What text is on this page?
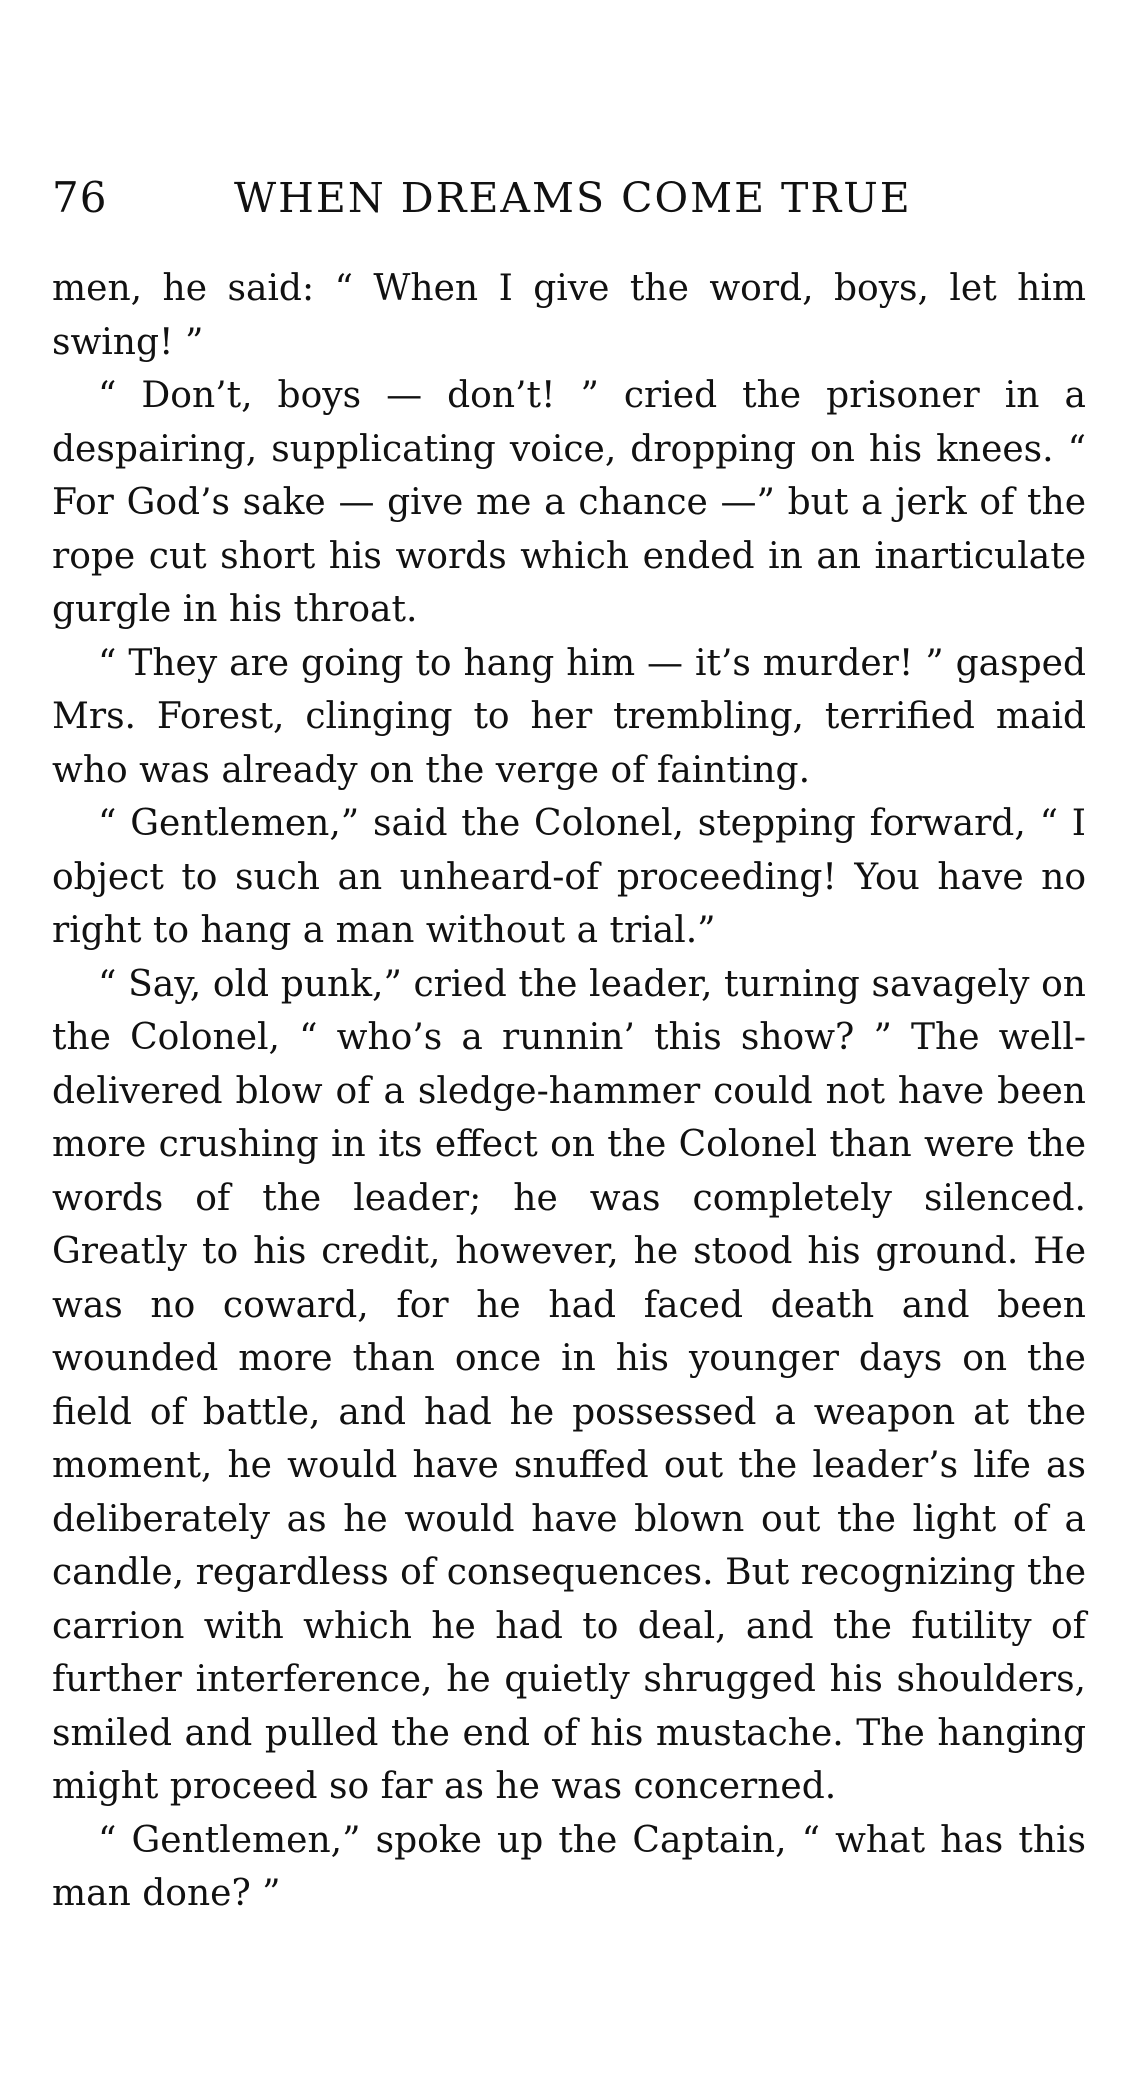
76	WHEN DREAMS COME TRUE

men, he said: “ When I give the word, boys, let him swing! ”

“ Don’t, boys — don’t! ” cried the prisoner in a despairing, supplicating voice, dropping on his knees. “ For God’s sake — give me a chance —” but a jerk of the rope cut short his words which ended in an inarticulate gurgle in his throat.

“ They are going to hang him — it’s murder! ” gasped Mrs. Forest, clinging to her trembling, terrified maid who was already on the verge of fainting.

“ Gentlemen,” said the Colonel, stepping forward, “ I object to such an unheard-of proceeding! You have no right to hang a man without a trial.”

“ Say, old punk,” cried the leader, turning savagely on the Colonel, “ who’s a runnin’ this show? ” The well-delivered blow of a sledge-hammer could not have been more crushing in its effect on the Colonel than were the words of the leader; he was completely silenced. Greatly to his credit, however, he stood his ground. He was no coward, for he had faced death and been wounded more than once in his younger days on the field of battle, and had he possessed a weapon at the moment, he would have snuffed out the leader’s life as deliberately as he would have blown out the light of a candle, regardless of consequences. But recognizing the carrion with which he had to deal, and the futility of further interference, he quietly shrugged his shoulders, smiled and pulled the end of his mustache. The hanging might proceed so far as he was concerned.

“ Gentlemen,” spoke up the Captain, “ what has this man done? ”
